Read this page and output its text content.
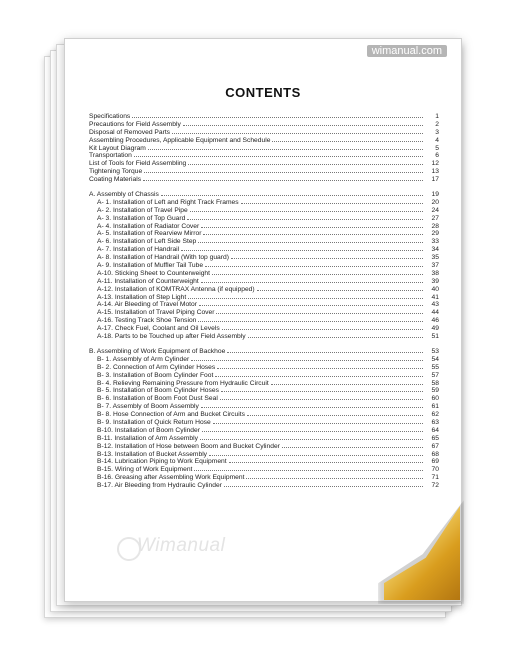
wimanual.com
CONTENTS
Specifications	1
Precautions for Field Assembly	2
Disposal of Removed Parts	3
Assembling Procedures, Applicable Equipment and Schedule	4
Kit Layout Diagram	5
Transportation	6
List of Tools for Field Assembling	12
Tightening Torque	13
Coating Materials	17
A. Assembly of Chassis	19
A- 1. Installation of Left and Right Track Frames	20
A- 2. Installation of Travel Pipe	24
A- 3. Installation of Top Guard	27
A- 4. Installation of Radiator Cover	28
A- 5. Installation of Rearview Mirror	29
A- 6. Installation of Left Side Step	33
A- 7. Installation of Handrail	34
A- 8. Installation of Handrail (With top guard)	35
A- 9. Installation of Muffler Tail Tube	37
A-10. Sticking Sheet to Counterweight	38
A-11. Installation of Counterweight	39
A-12. Installation of KOMTRAX Antenna (if equipped)	40
A-13. Installation of Step Light	41
A-14. Air Bleeding of Travel Motor	43
A-15. Installation of Travel Piping Cover	44
A-16. Testing Track Shoe Tension	46
A-17. Check Fuel, Coolant and Oil Levels	49
A-18. Parts to be Touched up after Field Assembly	51
B. Assembling of Work Equipment of Backhoe	53
B- 1. Assembly of Arm Cylinder	54
B- 2. Connection of Arm Cylinder Hoses	55
B- 3. Installation of Boom Cylinder Foot	57
B- 4. Relieving Remaining Pressure from Hydraulic Circuit	58
B- 5. Installation of Boom Cylinder Hoses	59
B- 6. Installation of Boom Foot Dust Seal	60
B- 7. Assembly of Boom Assembly	61
B- 8. Hose Connection of Arm and Bucket Circuits	62
B- 9. Installation of Quick Return Hose	63
B-10. Installation of Boom Cylinder	64
B-11. Installation of Arm Assembly	65
B-12. Installation of Hose between Boom and Bucket Cylinder	67
B-13. Installation of Bucket Assembly	68
B-14. Lubrication Piping to Work Equipment	69
B-15. Wiring of Work Equipment	70
B-16. Greasing after Assembling Work Equipment	71
B-17. Air Bleeding from Hydraulic Cylinder	72
Wimanual
